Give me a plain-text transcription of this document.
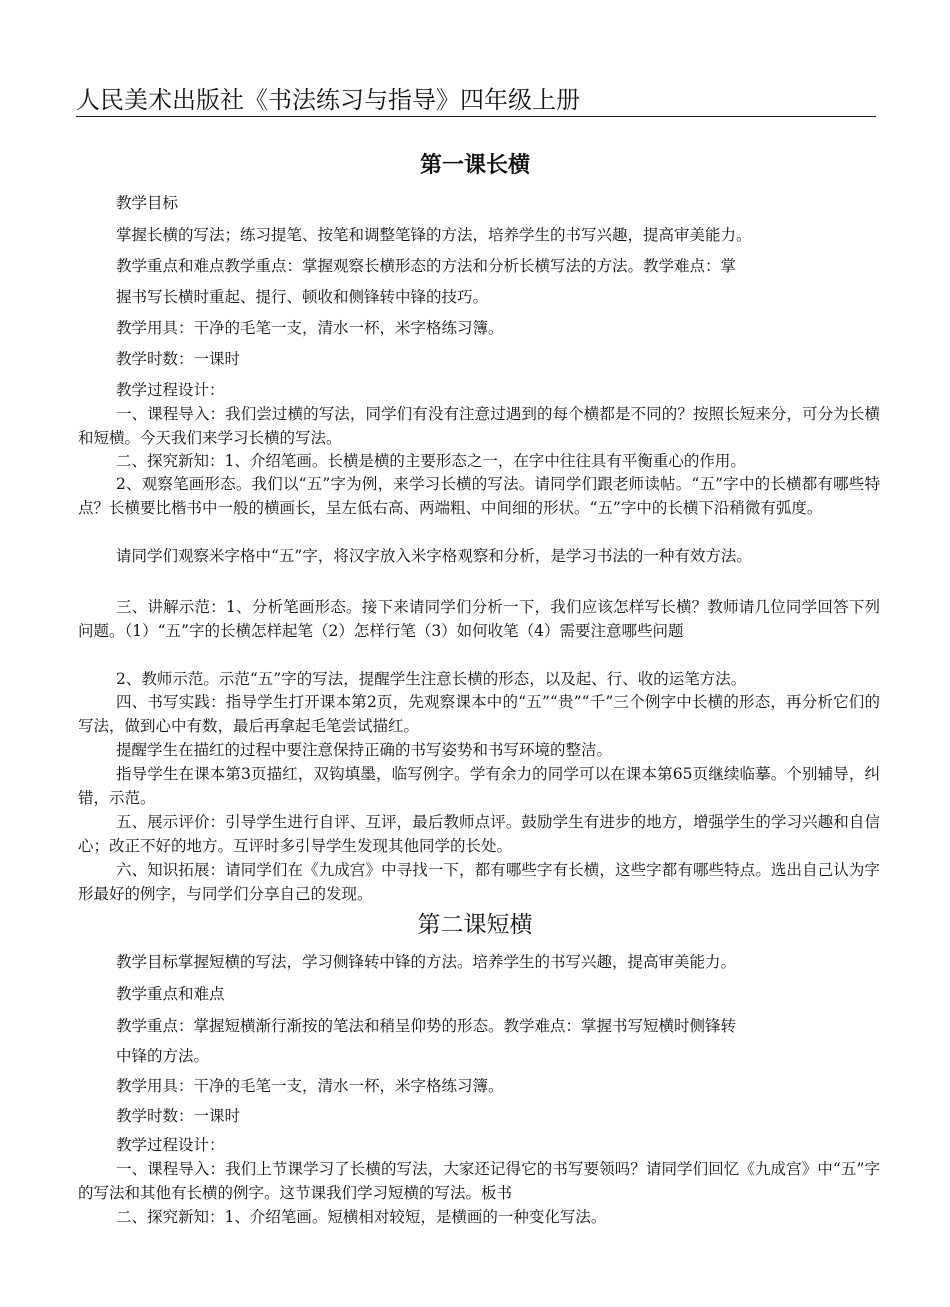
人民美术出版社《书法练习与指导》四年级上册
第一课长横
教学目标
掌握长横的写法；练习提笔、按笔和调整笔锋的方法，培养学生的书写兴趣，提高审美能力。
教学重点和难点教学重点：掌握观察长横形态的方法和分析长横写法的方法。教学难点：掌
握书写长横时重起、提行、顿收和侧锋转中锋的技巧。
教学用具：干净的毛笔一支，清水一杯，米字格练习簿。
教学时数：一课时
教学过程设计：
一、课程导入：我们尝过横的写法，同学们有没有注意过遇到的每个横都是不同的？按照长短来分，可分为长横和短横。今天我们来学习长横的写法。
二、探究新知：1、介绍笔画。长横是横的主要形态之一，在字中往往具有平衡重心的作用。
2、观察笔画形态。我们以“五”字为例，来学习长横的写法。请同学们跟老师读帖。“五”字中的长横都有哪些特点？长横要比楷书中一般的横画长，呈左低右高、两端粗、中间细的形状。“五”字中的长横下沿稍微有弧度。
请同学们观察米字格中“五”字，将汉字放入米字格观察和分析，是学习书法的一种有效方法。
三、讲解示范：1、分析笔画形态。接下来请同学们分析一下，我们应该怎样写长横？教师请几位同学回答下列问题。（1）“五”字的长横怎样起笔（2）怎样行笔（3）如何收笔（4）需要注意哪些问题
2、教师示范。示范“五”字的写法，提醒学生注意长横的形态，以及起、行、收的运笔方法。
四、书写实践：指导学生打开课本第2页，先观察课本中的“五”“贵”“千”三个例字中长横的形态，再分析它们的写法，做到心中有数，最后再拿起毛笔尝试描红。
提醒学生在描红的过程中要注意保持正确的书写姿势和书写环境的整洁。
指导学生在课本第3页描红，双钩填墨，临写例字。学有余力的同学可以在课本第65页继续临摹。个别辅导，纠错，示范。
五、展示评价：引导学生进行自评、互评，最后教师点评。鼓励学生有进步的地方，增强学生的学习兴趣和自信心；改正不好的地方。互评时多引导学生发现其他同学的长处。
六、知识拓展：请同学们在《九成宫》中寻找一下，都有哪些字有长横，这些字都有哪些特点。选出自己认为字形最好的例字，与同学们分享自己的发现。
第二课短横
教学目标掌握短横的写法，学习侧锋转中锋的方法。培养学生的书写兴趣，提高审美能力。
教学重点和难点
教学重点：掌握短横渐行渐按的笔法和稍呈仰势的形态。教学难点：掌握书写短横时侧锋转
中锋的方法。
教学用具：干净的毛笔一支，清水一杯，米字格练习簿。
教学时数：一课时
教学过程设计：
一、课程导入：我们上节课学习了长横的写法，大家还记得它的书写要领吗？请同学们回忆《九成宫》中“五”字的写法和其他有长横的例字。这节课我们学习短横的写法。板书
二、探究新知：1、介绍笔画。短横相对较短，是横画的一种变化写法。
